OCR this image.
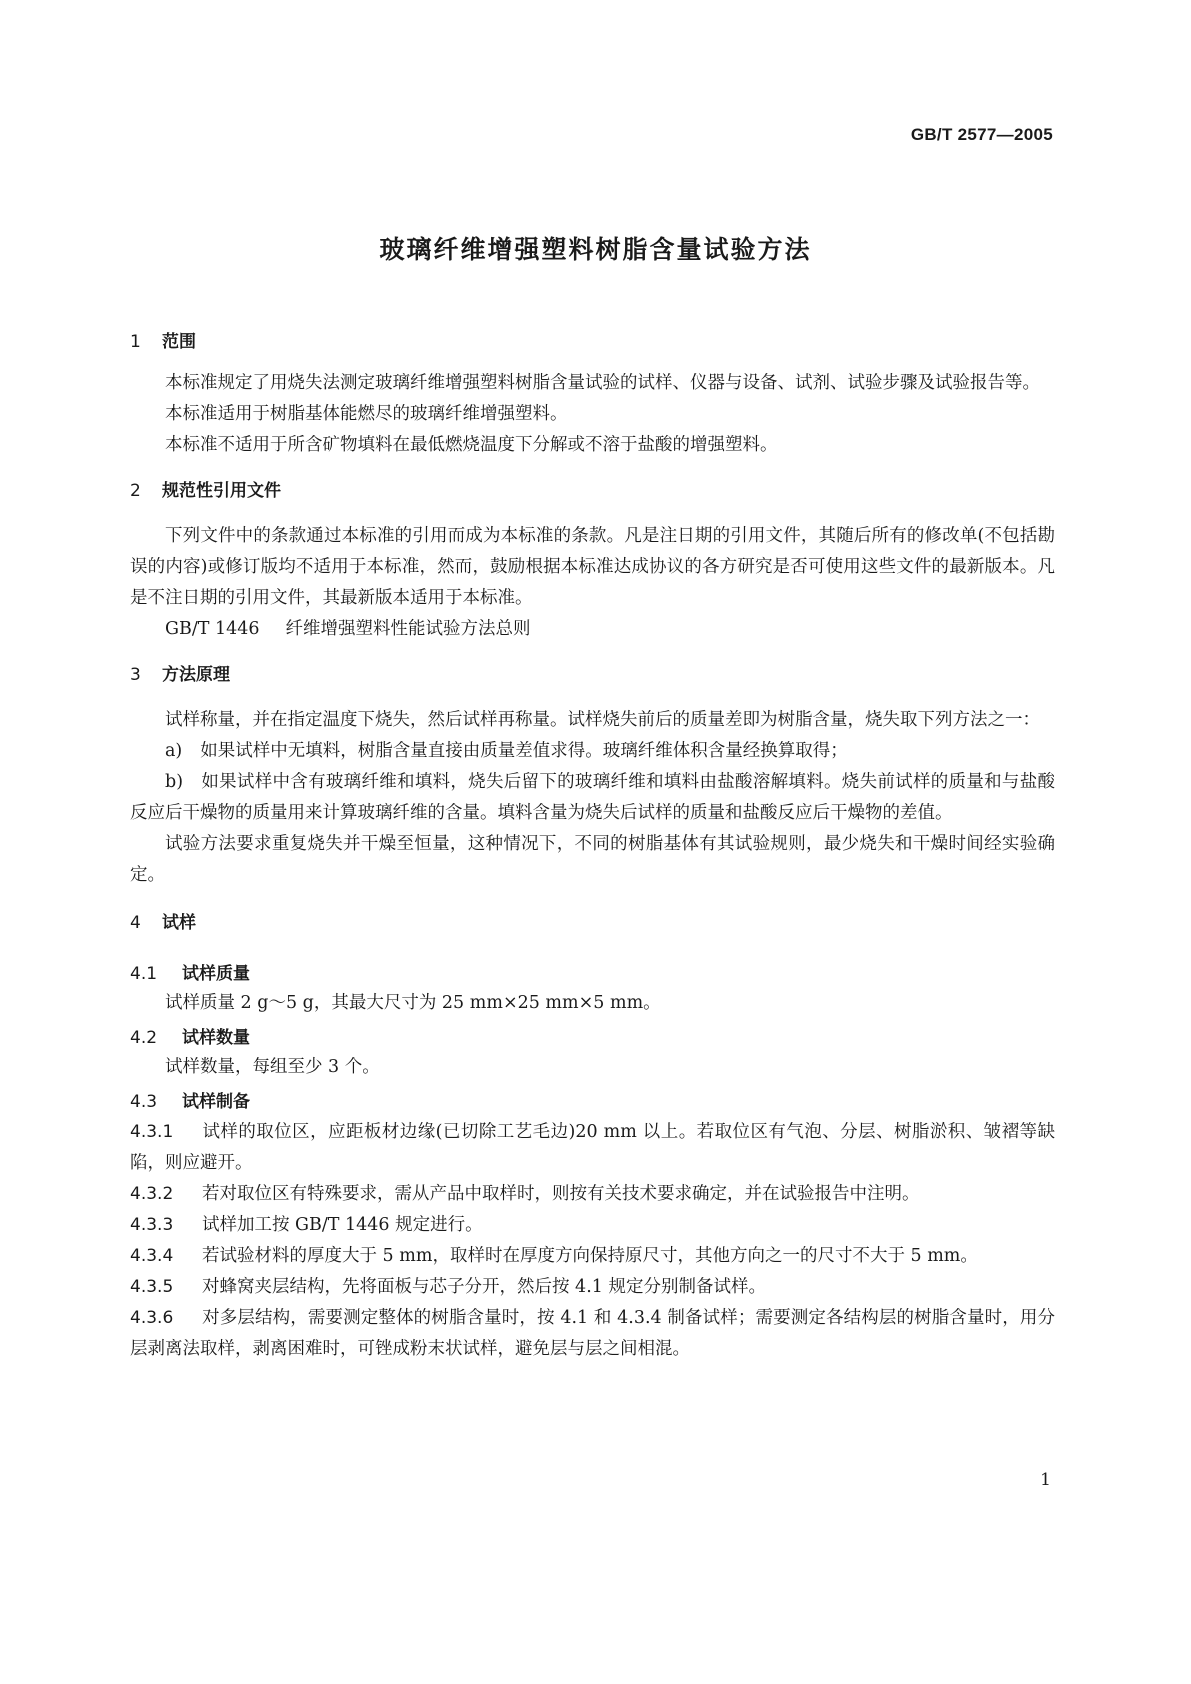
GB/T 2577—2005
玻璃纤维增强塑料树脂含量试验方法
1 范围

本标准规定了用烧失法测定玻璃纤维增强塑料树脂含量试验的试样、仪器与设备、试剂、试验步骤及试验报告等。

本标准适用于树脂基体能燃尽的玻璃纤维增强塑料。

本标准不适用于所含矿物填料在最低燃烧温度下分解或不溶于盐酸的增强塑料。

2 规范性引用文件

下列文件中的条款通过本标准的引用而成为本标准的条款。凡是注日期的引用文件，其随后所有的修改单(不包括勘误的内容)或修订版均不适用于本标准，然而，鼓励根据本标准达成协议的各方研究是否可使用这些文件的最新版本。凡是不注日期的引用文件，其最新版本适用于本标准。

GB/T 1446 纤维增强塑料性能试验方法总则

3 方法原理

试样称量，并在指定温度下烧失，然后试样再称量。试样烧失前后的质量差即为树脂含量，烧失取下列方法之一：

a) 如果试样中无填料，树脂含量直接由质量差值求得。玻璃纤维体积含量经换算取得；

b) 如果试样中含有玻璃纤维和填料，烧失后留下的玻璃纤维和填料由盐酸溶解填料。烧失前试样的质量和与盐酸反应后干燥物的质量用来计算玻璃纤维的含量。填料含量为烧失后试样的质量和盐酸反应后干燥物的差值。

试验方法要求重复烧失并干燥至恒量，这种情况下，不同的树脂基体有其试验规则，最少烧失和干燥时间经实验确定。

4 试样
4.1 试样质量

试样质量 2 g～5 g，其最大尺寸为 25 mm×25 mm×5 mm。

4.2 试样数量

试样数量，每组至少 3 个。

4.3 试样制备

4.3.1 试样的取位区，应距板材边缘(已切除工艺毛边)20 mm 以上。若取位区有气泡、分层、树脂淤积、皱褶等缺陷，则应避开。

4.3.2 若对取位区有特殊要求，需从产品中取样时，则按有关技术要求确定，并在试验报告中注明。

4.3.3 试样加工按 GB/T 1446 规定进行。

4.3.4 若试验材料的厚度大于 5 mm，取样时在厚度方向保持原尺寸，其他方向之一的尺寸不大于 5 mm。

4.3.5 对蜂窝夹层结构，先将面板与芯子分开，然后按 4.1 规定分别制备试样。

4.3.6 对多层结构，需要测定整体的树脂含量时，按 4.1 和 4.3.4 制备试样；需要测定各结构层的树脂含量时，用分层剥离法取样，剥离困难时，可锉成粉末状试样，避免层与层之间相混。

1
